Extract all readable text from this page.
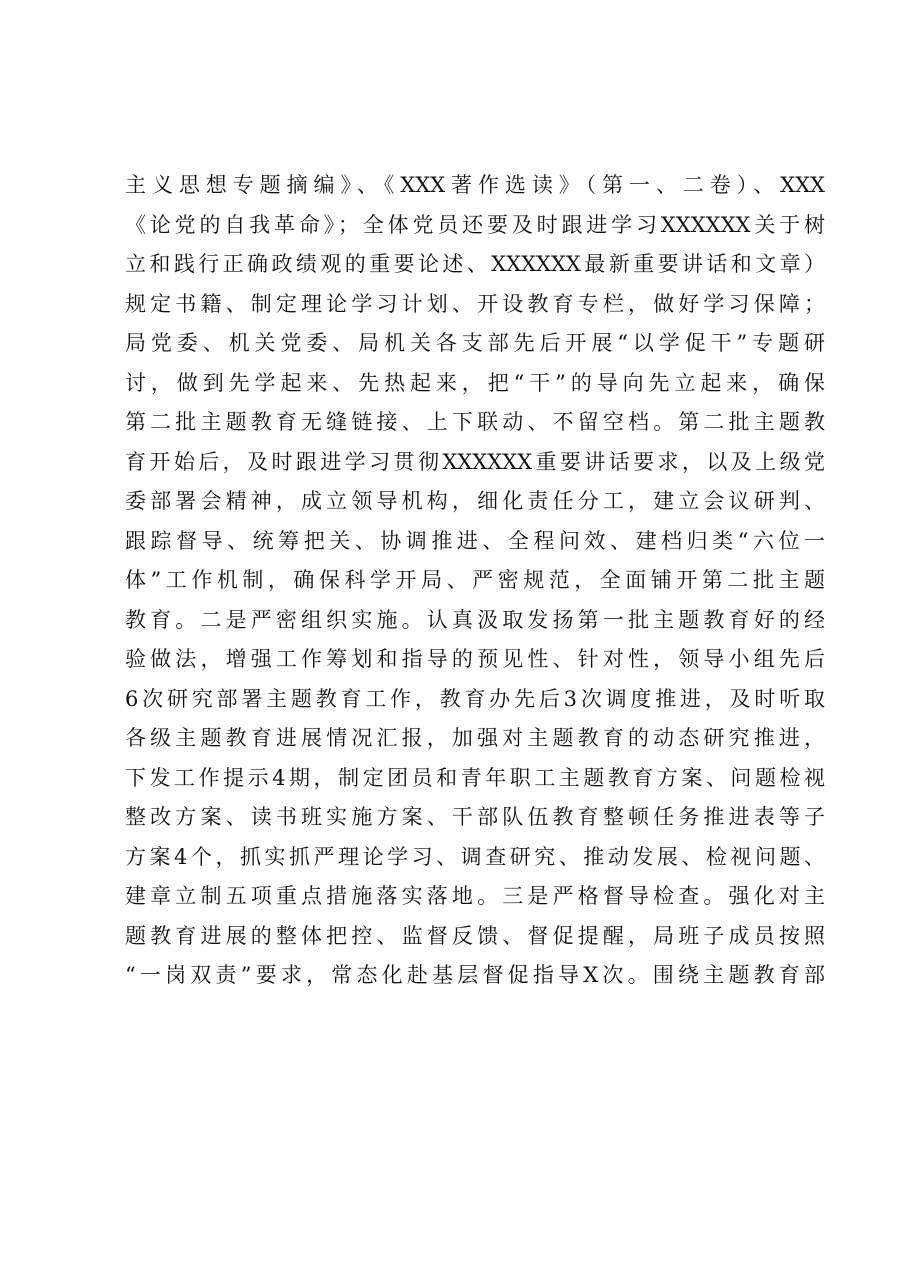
主义思想专题摘编》、《XXX著作选读》（第一、二卷）、XXX
《论党的自我革命》；全体党员还要及时跟进学习XXXXXX关于树
立和践行正确政绩观的重要论述、XXXXXX最新重要讲话和文章）
规定书籍、制定理论学习计划、开设教育专栏，做好学习保障；
局党委、机关党委、局机关各支部先后开展“以学促干”专题研
讨，做到先学起来、先热起来，把“干”的导向先立起来，确保
第二批主题教育无缝链接、上下联动、不留空档。第二批主题教
育开始后，及时跟进学习贯彻XXXXXX重要讲话要求，以及上级党
委部署会精神，成立领导机构，细化责任分工，建立会议研判、
跟踪督导、统筹把关、协调推进、全程问效、建档归类“六位一
体”工作机制，确保科学开局、严密规范，全面铺开第二批主题
教育。二是严密组织实施。认真汲取发扬第一批主题教育好的经
验做法，增强工作筹划和指导的预见性、针对性，领导小组先后
6次研究部署主题教育工作，教育办先后3次调度推进，及时听取
各级主题教育进展情况汇报，加强对主题教育的动态研究推进，
下发工作提示4期，制定团员和青年职工主题教育方案、问题检视
整改方案、读书班实施方案、干部队伍教育整顿任务推进表等子
方案4个，抓实抓严理论学习、调查研究、推动发展、检视问题、
建章立制五项重点措施落实落地。三是严格督导检查。强化对主
题教育进展的整体把控、监督反馈、督促提醒，局班子成员按照
“一岗双责”要求，常态化赴基层督促指导X次。围绕主题教育部
